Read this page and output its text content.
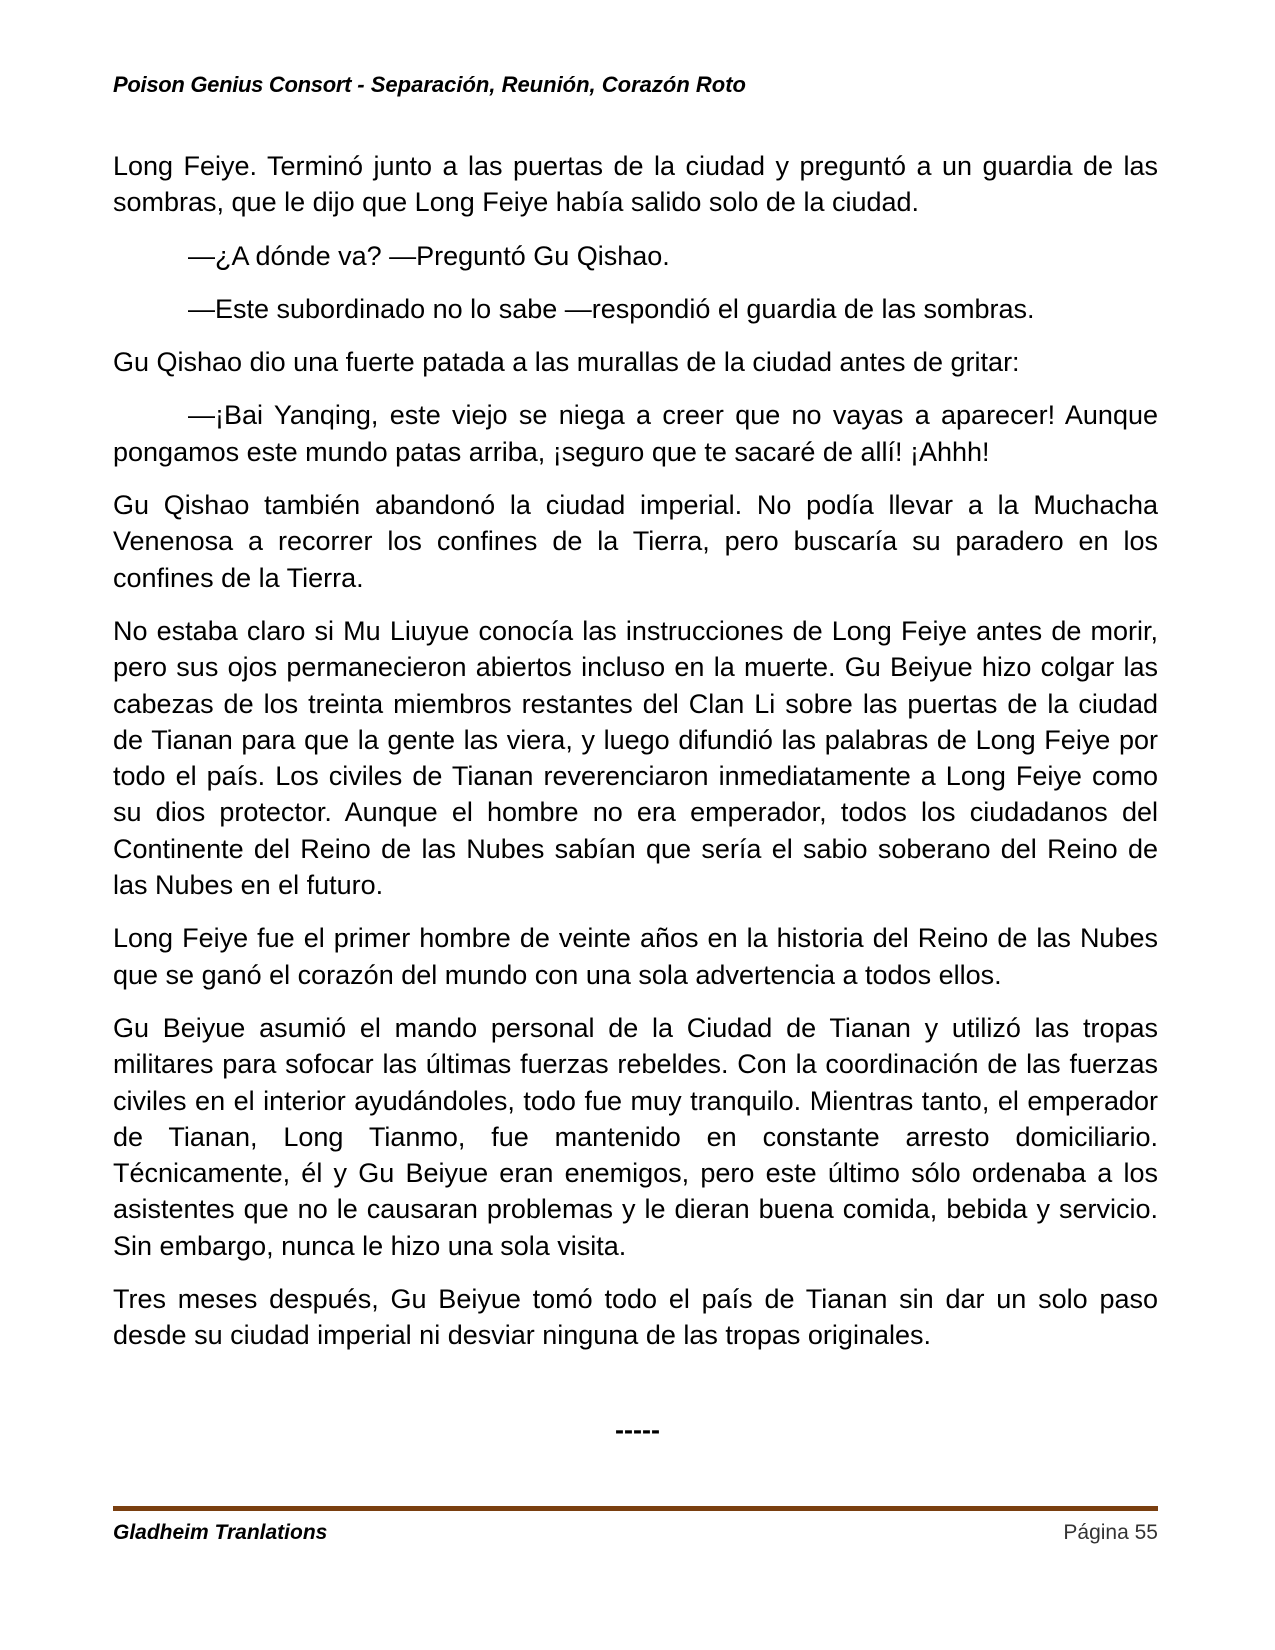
Poison Genius Consort - Separación, Reunión, Corazón Roto

Long Feiye. Terminó junto a las puertas de la ciudad y preguntó a un guardia de las sombras, que le dijo que Long Feiye había salido solo de la ciudad.

—¿A dónde va? —Preguntó Gu Qishao.

—Este subordinado no lo sabe —respondió el guardia de las sombras.

Gu Qishao dio una fuerte patada a las murallas de la ciudad antes de gritar:

—¡Bai Yanqing, este viejo se niega a creer que no vayas a aparecer! Aunque pongamos este mundo patas arriba, ¡seguro que te sacaré de allí! ¡Ahhh!

Gu Qishao también abandonó la ciudad imperial. No podía llevar a la Muchacha Venenosa a recorrer los confines de la Tierra, pero buscaría su paradero en los confines de la Tierra.

No estaba claro si Mu Liuyue conocía las instrucciones de Long Feiye antes de morir, pero sus ojos permanecieron abiertos incluso en la muerte. Gu Beiyue hizo colgar las cabezas de los treinta miembros restantes del Clan Li sobre las puertas de la ciudad de Tianan para que la gente las viera, y luego difundió las palabras de Long Feiye por todo el país. Los civiles de Tianan reverenciaron inmediatamente a Long Feiye como su dios protector. Aunque el hombre no era emperador, todos los ciudadanos del Continente del Reino de las Nubes sabían que sería el sabio soberano del Reino de las Nubes en el futuro.

Long Feiye fue el primer hombre de veinte años en la historia del Reino de las Nubes que se ganó el corazón del mundo con una sola advertencia a todos ellos.

Gu Beiyue asumió el mando personal de la Ciudad de Tianan y utilizó las tropas militares para sofocar las últimas fuerzas rebeldes. Con la coordinación de las fuerzas civiles en el interior ayudándoles, todo fue muy tranquilo. Mientras tanto, el emperador de Tianan, Long Tianmo, fue mantenido en constante arresto domiciliario. Técnicamente, él y Gu Beiyue eran enemigos, pero este último sólo ordenaba a los asistentes que no le causaran problemas y le dieran buena comida, bebida y servicio. Sin embargo, nunca le hizo una sola visita.

Tres meses después, Gu Beiyue tomó todo el país de Tianan sin dar un solo paso desde su ciudad imperial ni desviar ninguna de las tropas originales.

-----
Gladheim Tranlations	Página 55
